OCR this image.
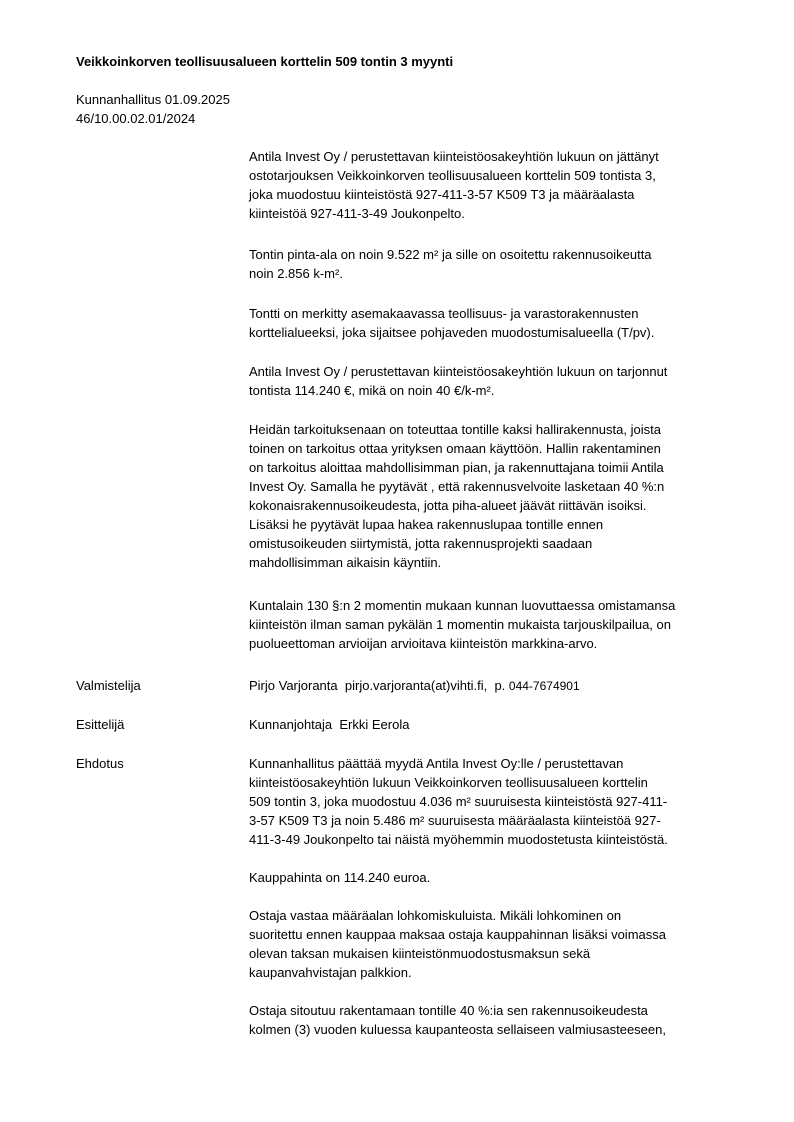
Veikkoinkorven teollisuusalueen korttelin 509 tontin 3 myynti
Kunnanhallitus 01.09.2025
46/10.00.02.01/2024

Antila Invest Oy / perustettavan kiinteistöosakeyhtiön lukuun on jättänyt
ostotarjouksen Veikkoinkorven teollisuusalueen korttelin 509 tontista 3,
joka muodostuu kiinteistöstä 927-411-3-57 K509 T3 ja määräalasta
kiinteistöä 927-411-3-49 Joukonpelto.

Tontin pinta-ala on noin 9.522 m² ja sille on osoitettu rakennusoikeutta
noin 2.856 k-m².

Tontti on merkitty asemakaavassa teollisuus- ja varastorakennusten
korttelialueeksi, joka sijaitsee pohjaveden muodostumisalueella (T/pv).

Antila Invest Oy / perustettavan kiinteistöosakeyhtiön lukuun on tarjonnut
tontista 114.240 €, mikä on noin 40 €/k-m².

Heidän tarkoituksenaan on toteuttaa tontille kaksi hallirakennusta, joista
toinen on tarkoitus ottaa yrityksen omaan käyttöön. Hallin rakentaminen
on tarkoitus aloittaa mahdollisimman pian, ja rakennuttajana toimii Antila
Invest Oy. Samalla he pyytävät , että rakennusvelvoite lasketaan 40 %:n
kokonaisrakennusoikeudesta, jotta piha-alueet jäävät riittävän isoiksi.
Lisäksi he pyytävät lupaa hakea rakennuslupaa tontille ennen
omistusoikeuden siirtymistä, jotta rakennusprojekti saadaan
mahdollisimman aikaisin käyntiin.

Kuntalain 130 §:n 2 momentin mukaan kunnan luovuttaessa omistamansa
kiinteistön ilman saman pykälän 1 momentin mukaista tarjouskilpailua, on
puolueettoman arvioijan arvioitava kiinteistön markkina-arvo.

Valmistelija	Pirjo Varjoranta pirjo.varjoranta(at)vihti.fi, p. 044-7674901
Esittelijä	Kunnanjohtaja  Erkki Eerola
Ehdotus	Kunnanhallitus päättää myydä Antila Invest Oy:lle / perustettavan
kiinteistöosakeyhtiön lukuun Veikkoinkorven teollisuusalueen korttelin
509 tontin 3, joka muodostuu 4.036 m² suuruisesta kiinteistöstä 927-411-
3-57 K509 T3 ja noin 5.486 m² suuruisesta määräalasta kiinteistöä 927-
411-3-49 Joukonpelto tai näistä myöhemmin muodostetusta kiinteistöstä.

Kauppahinta on 114.240 euroa.

Ostaja vastaa määräalan lohkomiskuluista. Mikäli lohkominen on
suoritettu ennen kauppaa maksaa ostaja kauppahinnan lisäksi voimassa
olevan taksan mukaisen kiinteistönmuodostusmaksun sekä
kaupanvahvistajan palkkion.

Ostaja sitoutuu rakentamaan tontille 40 %:ia sen rakennusoikeudesta
kolmen (3) vuoden kuluessa kaupanteosta sellaiseen valmiusasteeseen,
